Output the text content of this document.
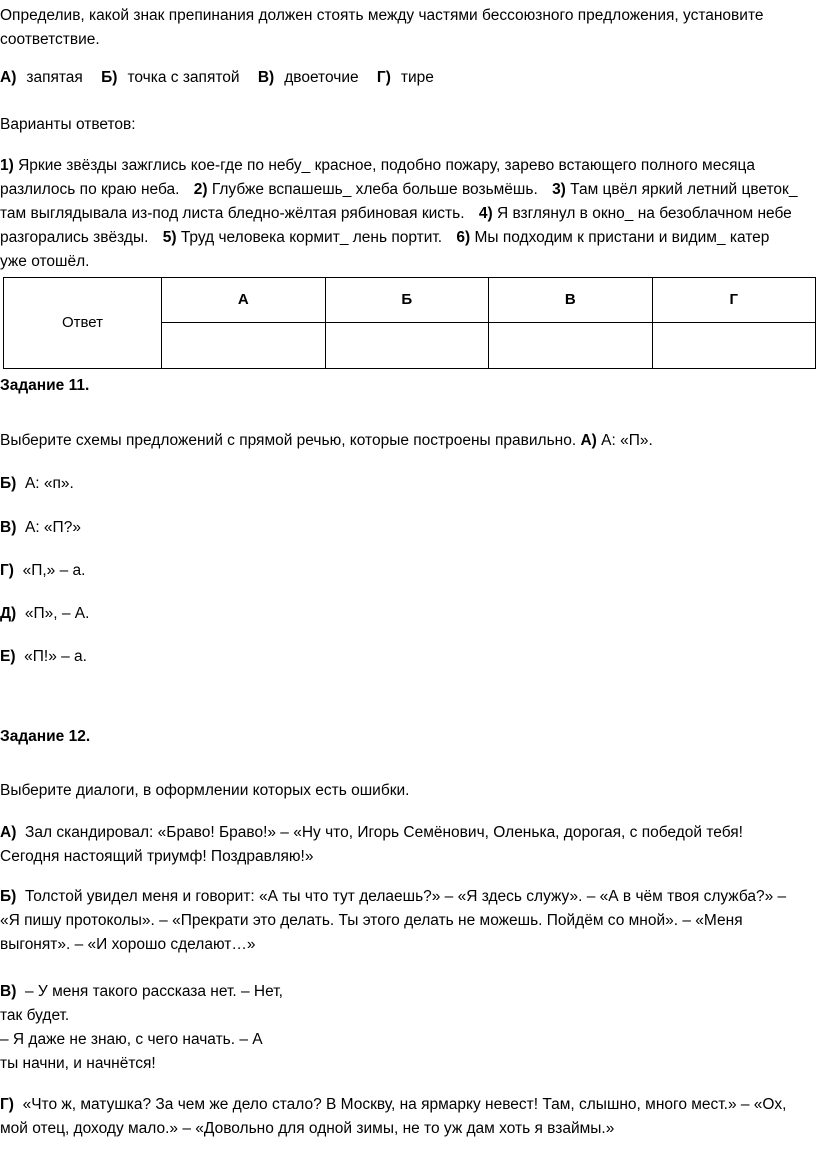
Определив, какой знак препинания должен стоять между частями бессоюзного предложения, установите соответствие.

А) запятая Б) точка с запятой В) двоеточие Г) тире

Варианты ответов:

1) Яркие звёзды зажглись кое-где по небу_ красное, подобно пожару, зарево встающего полного месяца разлилось по краю неба. 2) Глубже вспашешь_ хлеба больше возьмёшь. 3) Там цвёл яркий летний цветок_ там выглядывала из-под листа бледно-жёлтая рябиновая кисть. 4) Я взглянул в окно_ на безоблачном небе разгорались звёзды. 5) Труд человека кормит_ лень портит. 6) Мы подходим к пристани и видим_ катер уже отошёл.

Ответ	А	Б	В	Г

Задание 11.

Выберите схемы предложений с прямой речью, которые построены правильно. А) А: «П».

Б) А: «п».

В) А: «П?»

Г) «П,» – а.

Д) «П», – А.

Е) «П!» – а.

Задание 12.

Выберите диалоги, в оформлении которых есть ошибки.

А) Зал скандировал: «Браво! Браво!» – «Ну что, Игорь Семёнович, Оленька, дорогая, с победой тебя!
Сегодня настоящий триумф! Поздравляю!»

Б) Толстой увидел меня и говорит: «А ты что тут делаешь?» – «Я здесь служу». – «А в чём твоя служба?» –
«Я пишу протоколы». – «Прекрати это делать. Ты этого делать не можешь. Пойдём со мной». – «Меня
выгонят». – «И хорошо сделают…»

В) – У меня такого рассказа нет. – Нет,
так будет.
– Я даже не знаю, с чего начать. – А
ты начни, и начнётся!

Г) «Что ж, матушка? За чем же дело стало? В Москву, на ярмарку невест! Там, слышно, много мест.» – «Ох,
мой отец, доходу мало.» – «Довольно для одной зимы, не то уж дам хоть я взаймы.»
